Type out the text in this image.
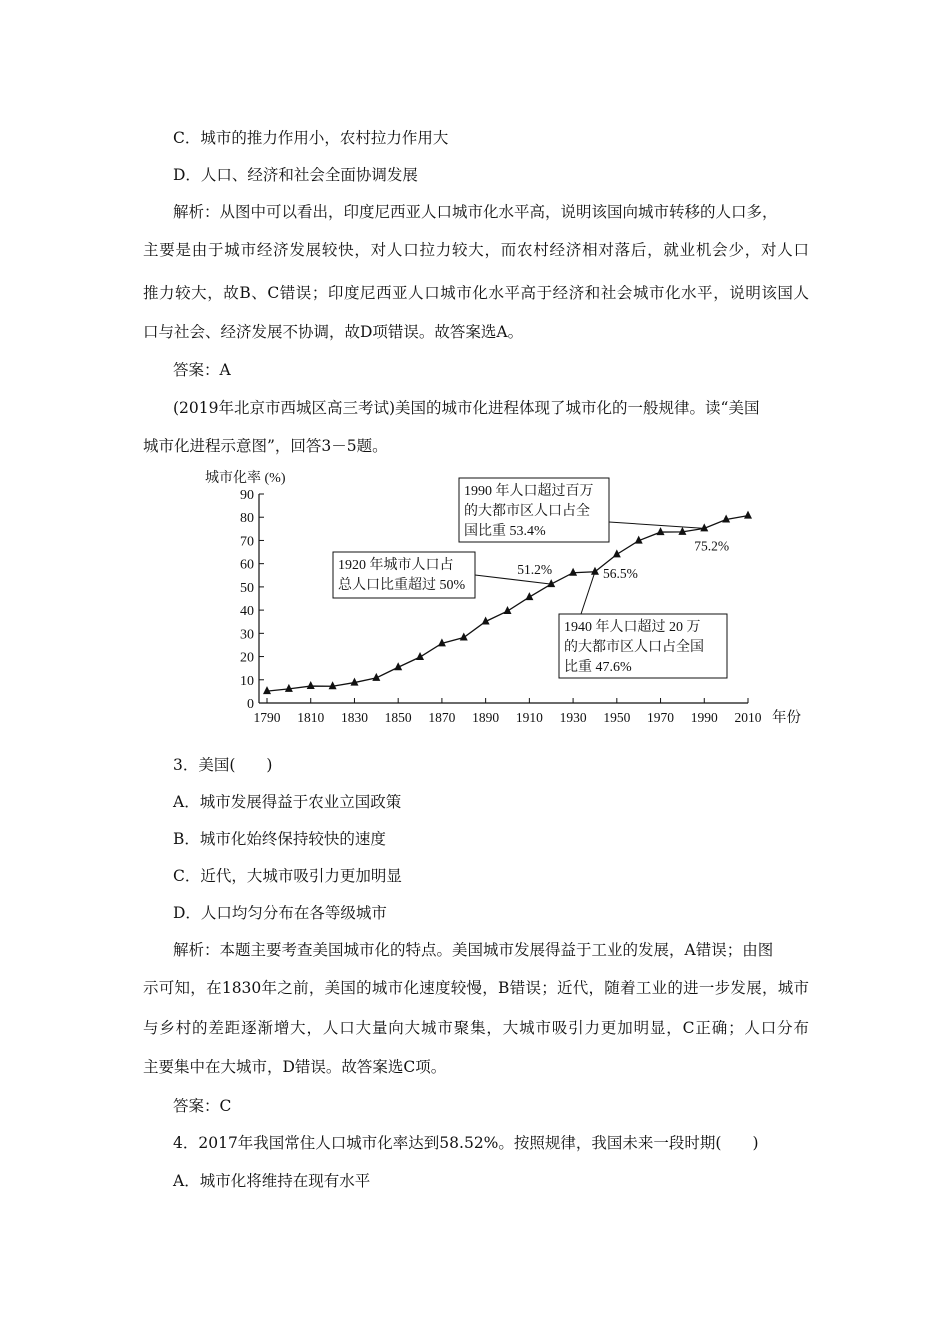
C．城市的推力作用小，农村拉力作用大
D．人口、经济和社会全面协调发展
解析：从图中可以看出，印度尼西亚人口城市化水平高，说明该国向城市转移的人口多，
主要是由于城市经济发展较快，对人口拉力较大，而农村经济相对落后，就业机会少，对人口
推力较大，故B、C错误；印度尼西亚人口城市化水平高于经济和社会城市化水平，说明该国人
口与社会、经济发展不协调，故D项错误。故答案选A。
答案：A
(2019年北京市西城区高三考试)美国的城市化进程体现了城市化的一般规律。读“美国
城市化进程示意图”，回答3－5题。
0
10
20
30
40
50
60
70
80
90
1790 1810 1830 1850 1870 1890 1910 1930 1950 1970 1990 2010
城市化率 (%)
年份
51.2%	56.5%
75.2%
1920 年城市人口占
总人口比重超过 50%
1940 年人口超过 20 万
的大都市区人口占全国
比重 47.6%
1990 年人口超过百万
的大都市区人口占全
国比重 53.4%
3．美国(　　)
A．城市发展得益于农业立国政策
B．城市化始终保持较快的速度
C．近代，大城市吸引力更加明显
D．人口均匀分布在各等级城市
解析：本题主要考查美国城市化的特点。美国城市发展得益于工业的发展，A错误；由图
示可知，在1830年之前，美国的城市化速度较慢，B错误；近代，随着工业的进一步发展，城市
与乡村的差距逐渐增大，人口大量向大城市聚集，大城市吸引力更加明显，C正确；人口分布
主要集中在大城市，D错误。故答案选C项。
答案：C
4．2017年我国常住人口城市化率达到58.52%。按照规律，我国未来一段时期(　　)
A．城市化将维持在现有水平
